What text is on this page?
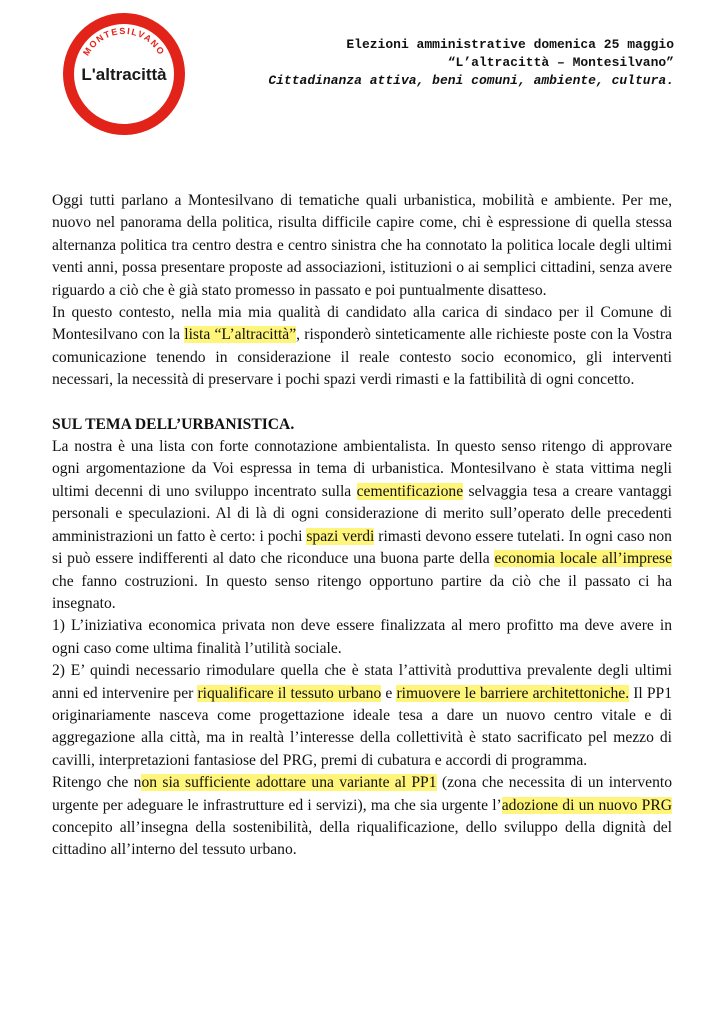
MONTESILVANO
L'altracittà
CITTADINANZA ATTIVA · BENI COMUNI · AMBIENTE · CULTURA
Elezioni amministrative domenica 25 maggio
“L’altracittà – Montesilvano”
Cittadinanza attiva, beni comuni, ambiente, cultura.

Oggi tutti parlano a Montesilvano di tematiche quali urbanistica, mobilità e ambiente. Per me, nuovo nel panorama della politica, risulta difficile capire come, chi è espressione di quella stessa alternanza politica tra centro destra e centro sinistra che ha connotato la politica locale degli ultimi venti anni, possa presentare proposte ad associazioni, istituzioni o ai semplici cittadini, senza avere riguardo a ciò che è già stato promesso in passato e poi puntualmente disatteso.

In questo contesto, nella mia mia qualità di candidato alla carica di sindaco per il Comune di Montesilvano con la lista “L’altracittà”, risponderò sinteticamente alle richieste poste con la Vostra comunicazione tenendo in considerazione il reale contesto socio economico, gli interventi necessari, la necessità di preservare i pochi spazi verdi rimasti e la fattibilità di ogni concetto.

SUL TEMA DELL’URBANISTICA.

La nostra è una lista con forte connotazione ambientalista. In questo senso ritengo di approvare ogni argomentazione da Voi espressa in tema di urbanistica. Montesilvano è stata vittima negli ultimi decenni di uno sviluppo incentrato sulla cementificazione selvaggia tesa a creare vantaggi personali e speculazioni. Al di là di ogni considerazione di merito sull’operato delle precedenti amministrazioni un fatto è certo: i pochi spazi verdi rimasti devono essere tutelati. In ogni caso non si può essere indifferenti al dato che riconduce una buona parte della economia locale all’imprese che fanno costruzioni. In questo senso ritengo opportuno partire da ciò che il passato ci ha insegnato.

1) L’iniziativa economica privata non deve essere finalizzata al mero profitto ma deve avere in ogni caso come ultima finalità l’utilità sociale.

2) E’ quindi necessario rimodulare quella che è stata l’attività produttiva prevalente degli ultimi anni ed intervenire per riqualificare il tessuto urbano e rimuovere le barriere architettoniche. Il PP1 originariamente nasceva come progettazione ideale tesa a dare un nuovo centro vitale e di aggregazione alla città, ma in realtà l’interesse della collettività è stato sacrificato pel mezzo di cavilli, interpretazioni fantasiose del PRG, premi di cubatura e accordi di programma.

Ritengo che non sia sufficiente adottare una variante al PP1 (zona che necessita di un intervento urgente per adeguare le infrastrutture ed i servizi), ma che sia urgente l’adozione di un nuovo PRG concepito all’insegna della sostenibilità, della riqualificazione, dello sviluppo della dignità del cittadino all’interno del tessuto urbano.
